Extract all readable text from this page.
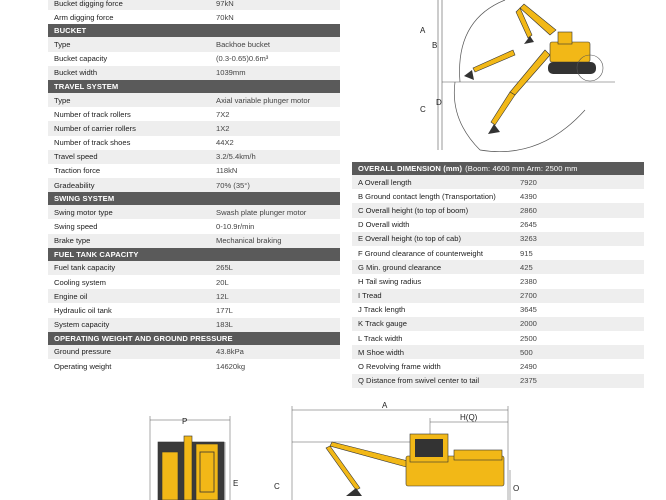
Bucket digging force	97kN
Arm digging force	70kN
BUCKET
Type	Backhoe bucket
Bucket capacity	(0.3-0.65)0.6m³
Bucket width	1039mm
TRAVEL SYSTEM
Type	Axial variable plunger motor
Number of track rollers	7X2
Number of carrier rollers	1X2
Number of track shoes	44X2
Travel speed	3.2/5.4km/h
Traction force	118kN
Gradeability	70% (35°)
SWING SYSTEM
Swing motor type	Swash plate plunger motor
Swing speed	0-10.9r/min
Brake type	Mechanical braking
FUEL TANK CAPACITY
Fuel tank capacity	265L
Cooling system	20L
Engine oil	12L
Hydraulic oil tank	177L
System capacity	183L
OPERATING WEIGHT AND GROUND PRESSURE
Ground pressure	43.8kPa
Operating weight	14620kg
OVERALL DIMENSION (mm) (Boom: 4600 mm Arm: 2500 mm
A Overall length	7920
B Ground contact length (Transportation)	4390
C Overall height (to top of boom)	2860
D Overall width	2645
E Overall height (to top of cab)	3263
F Ground clearance of counterweight	915
G Min. ground clearance	425
H Tail swing radius	2380
I Tread	2700
J Track length	3645
K Track gauge	2000
L Track width	2500
M Shoe width	500
O Revolving frame width	2490
Q Distance from swivel center to tail	2375
A
B
C
D
P
E
A
H(Q)
C	O
